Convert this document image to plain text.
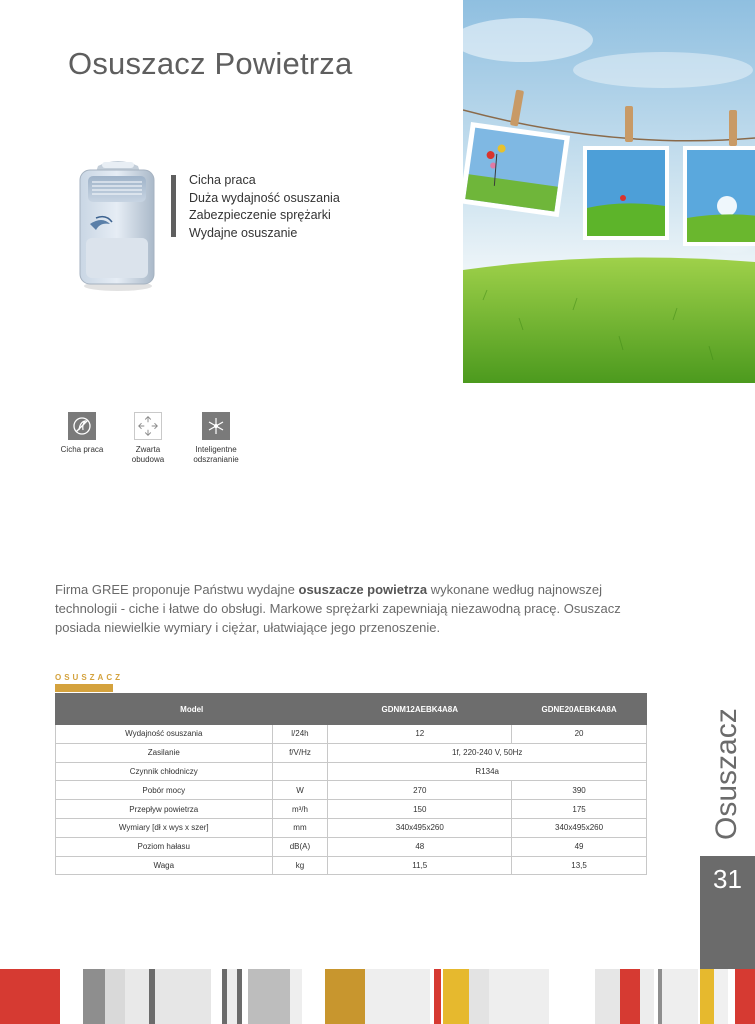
Osuszacz Powietrza
Cicha praca
Duża wydajność osuszania
Zabezpieczenie sprężarki
Wydajne osuszanie
Cicha praca	Zwarta
obudowa
Inteligentne
odszranianie

Firma GREE proponuje Państwu wydajne osuszacze powietrza wykonane według najnowszej technologii - ciche i łatwe do obsługi. Markowe sprężarki zapewniają niezawodną pracę. Osuszacz posiada niewielkie wymiary i ciężar, ułatwiające jego przenoszenie.

OSUSZACZ
Model		GDNM12AEBK4A8A	GDNE20AEBK4A8A
Wydajność osuszania	l/24h	12	20
Zasilanie	f/V/Hz	1f, 220-240 V, 50Hz	
Czynnik chłodniczy		R134a	
Pobór mocy	W	270	390
Przepływ powietrza	m³/h	150	175
Wymiary [dł x wys x szer]	mm	340x495x260	340x495x260
Poziom hałasu	dB(A)	48	49
Waga	kg	11,5	13,5
Osuszacz
31
